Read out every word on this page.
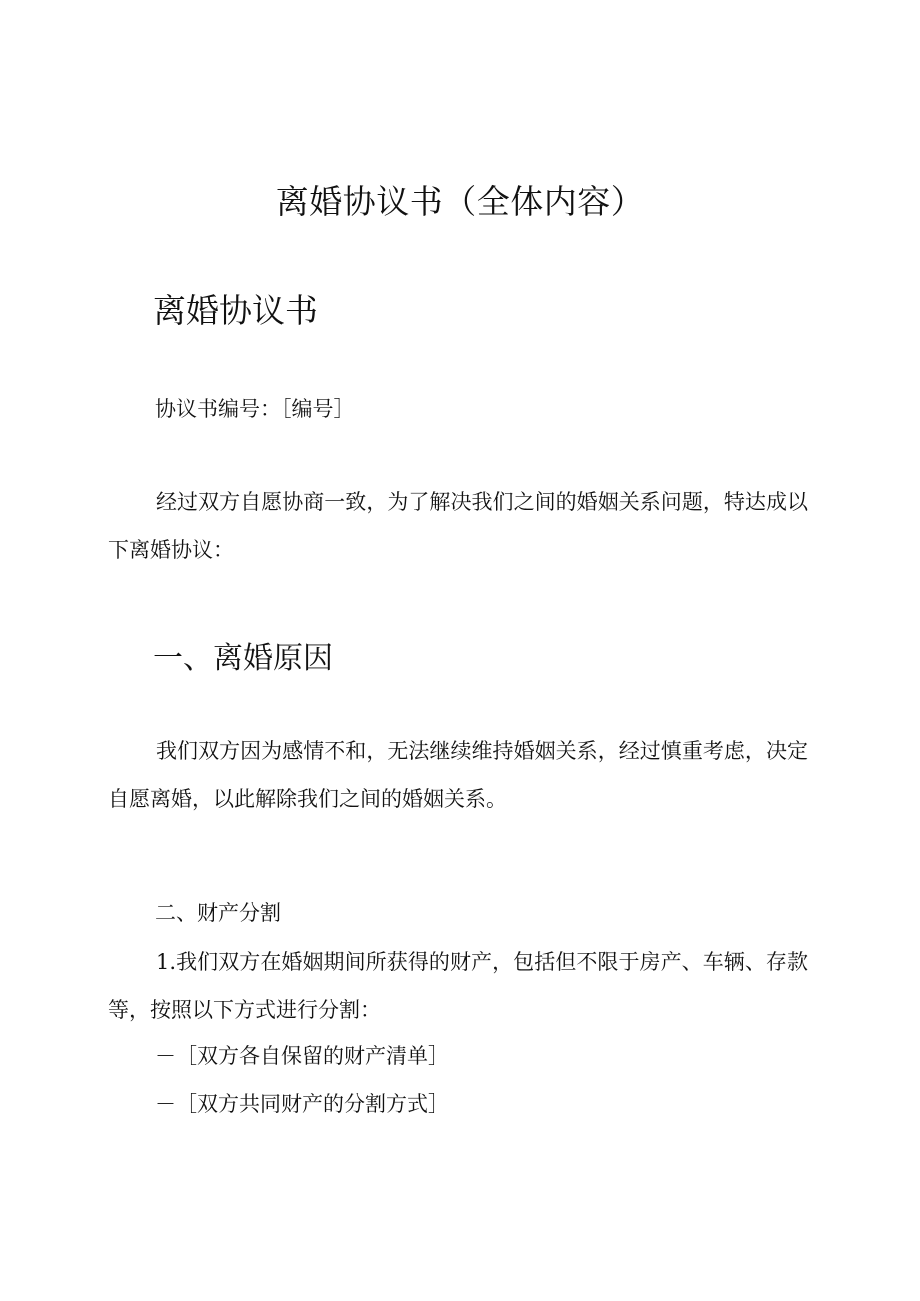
离婚协议书（全体内容）
离婚协议书

协议书编号：［编号］

经过双方自愿协商一致，为了解决我们之间的婚姻关系问题，特达成以下离婚协议：

一、离婚原因

我们双方因为感情不和，无法继续维持婚姻关系，经过慎重考虑，决定自愿离婚，以此解除我们之间的婚姻关系。

二、财产分割

1.我们双方在婚姻期间所获得的财产，包括但不限于房产、车辆、存款等，按照以下方式进行分割：

－［双方各自保留的财产清单］

－［双方共同财产的分割方式］
